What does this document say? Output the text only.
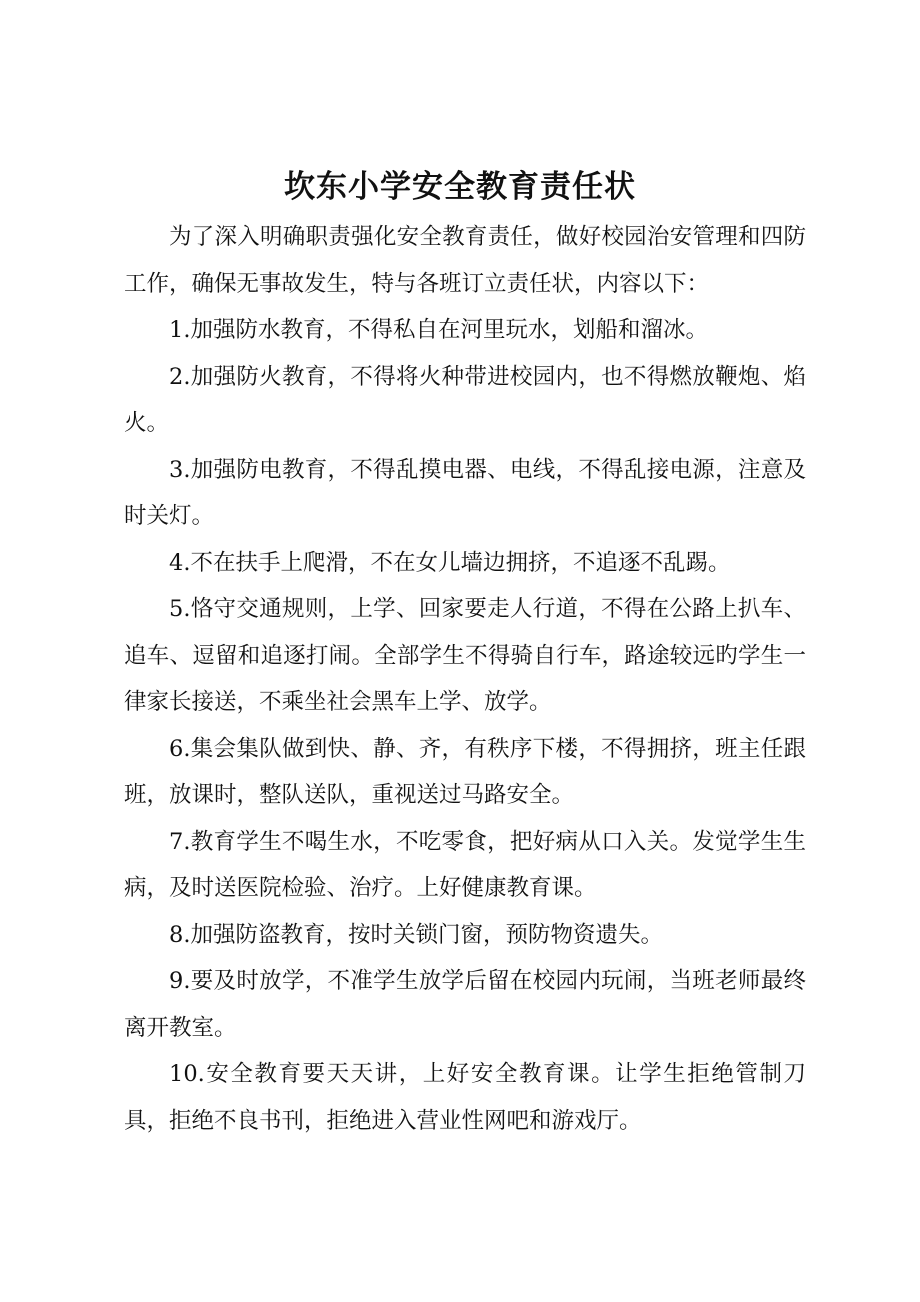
坎东小学安全教育责任状

为了深入明确职责强化安全教育责任，做好校园治安管理和四防工作，确保无事故发生，特与各班订立责任状，内容以下：

1.加强防水教育，不得私自在河里玩水，划船和溜冰。

2.加强防火教育，不得将火种带进校园内，也不得燃放鞭炮、焰火。

3.加强防电教育，不得乱摸电器、电线，不得乱接电源，注意及时关灯。

4.不在扶手上爬滑，不在女儿墙边拥挤，不追逐不乱踢。

5.恪守交通规则，上学、回家要走人行道，不得在公路上扒车、追车、逗留和追逐打闹。全部学生不得骑自行车，路途较远旳学生一律家长接送，不乘坐社会黑车上学、放学。

6.集会集队做到快、静、齐，有秩序下楼，不得拥挤，班主任跟班，放课时，整队送队，重视送过马路安全。

7.教育学生不喝生水，不吃零食，把好病从口入关。发觉学生生病，及时送医院检验、治疗。上好健康教育课。

8.加强防盗教育，按时关锁门窗，预防物资遗失。

9.要及时放学，不准学生放学后留在校园内玩闹，当班老师最终离开教室。

10.安全教育要天天讲，上好安全教育课。让学生拒绝管制刀具，拒绝不良书刊，拒绝进入营业性网吧和游戏厅。
